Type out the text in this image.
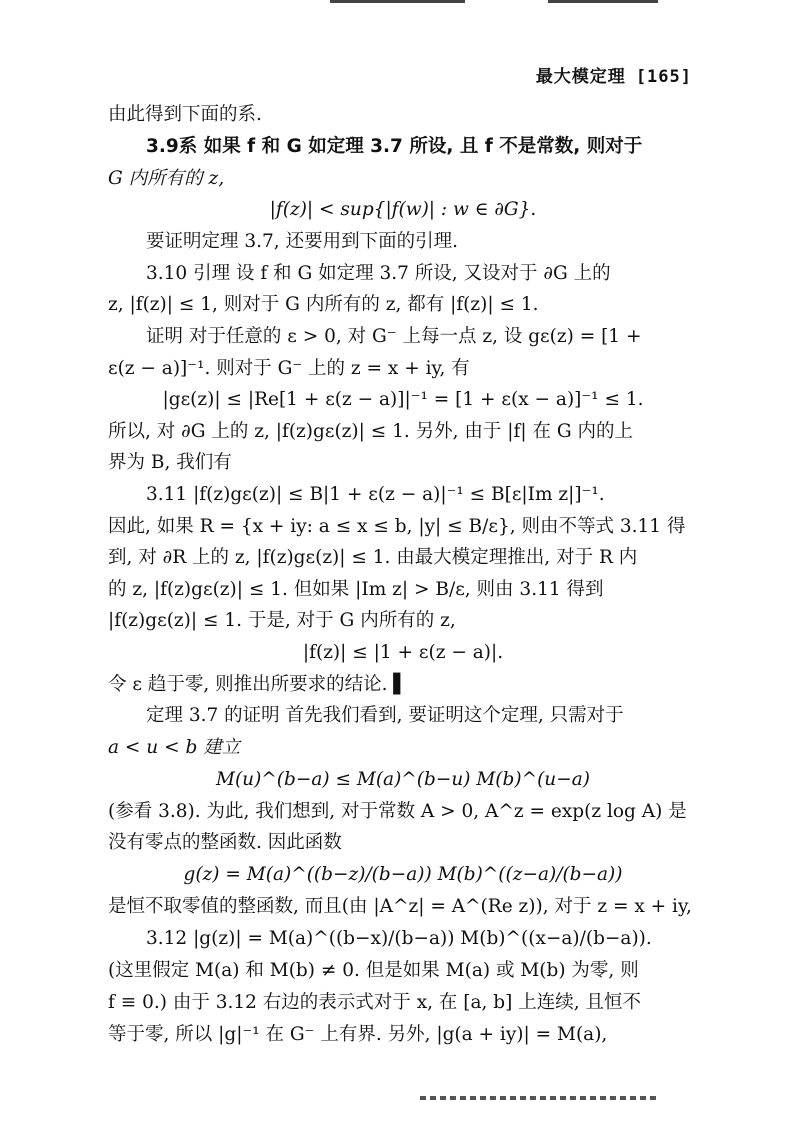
最大模定理 [165]
由此得到下面的系.
3.9系 如果 f 和 G 如定理 3.7 所设, 且 f 不是常数, 则对于
G 内所有的 z,
|f(z)| < sup{|f(w)| : w ∈ ∂G}.
要证明定理 3.7, 还要用到下面的引理.
3.10 引理 设 f 和 G 如定理 3.7 所设, 又设对于 ∂G 上的
z, |f(z)| ≤ 1, 则对于 G 内所有的 z, 都有 |f(z)| ≤ 1.
证明 对于任意的 ε > 0, 对 G⁻ 上每一点 z, 设 gε(z) = [1 +
ε(z − a)]⁻¹. 则对于 G⁻ 上的 z = x + iy, 有
|gε(z)| ≤ |Re[1 + ε(z − a)]|⁻¹ = [1 + ε(x − a)]⁻¹ ≤ 1.
所以, 对 ∂G 上的 z, |f(z)gε(z)| ≤ 1. 另外, 由于 |f| 在 G 内的上
界为 B, 我们有
3.11 |f(z)gε(z)| ≤ B|1 + ε(z − a)|⁻¹ ≤ B[ε|Im z|]⁻¹.
因此, 如果 R = {x + iy: a ≤ x ≤ b, |y| ≤ B/ε}, 则由不等式 3.11 得
到, 对 ∂R 上的 z, |f(z)gε(z)| ≤ 1. 由最大模定理推出, 对于 R 内
的 z, |f(z)gε(z)| ≤ 1. 但如果 |Im z| > B/ε, 则由 3.11 得到
|f(z)gε(z)| ≤ 1. 于是, 对于 G 内所有的 z,
|f(z)| ≤ |1 + ε(z − a)|.
令 ε 趋于零, 则推出所要求的结论. ▌
定理 3.7 的证明 首先我们看到, 要证明这个定理, 只需对于
a < u < b 建立
M(u)^(b−a) ≤ M(a)^(b−u) M(b)^(u−a)
(参看 3.8). 为此, 我们想到, 对于常数 A > 0, A^z = exp(z log A) 是
没有零点的整函数. 因此函数
g(z) = M(a)^((b−z)/(b−a)) M(b)^((z−a)/(b−a))
是恒不取零值的整函数, 而且(由 |A^z| = A^(Re z)), 对于 z = x + iy,
3.12 |g(z)| = M(a)^((b−x)/(b−a)) M(b)^((x−a)/(b−a)).
(这里假定 M(a) 和 M(b) ≠ 0. 但是如果 M(a) 或 M(b) 为零, 则
f ≡ 0.) 由于 3.12 右边的表示式对于 x, 在 [a, b] 上连续, 且恒不
等于零, 所以 |g|⁻¹ 在 G⁻ 上有界. 另外, |g(a + iy)| = M(a),
